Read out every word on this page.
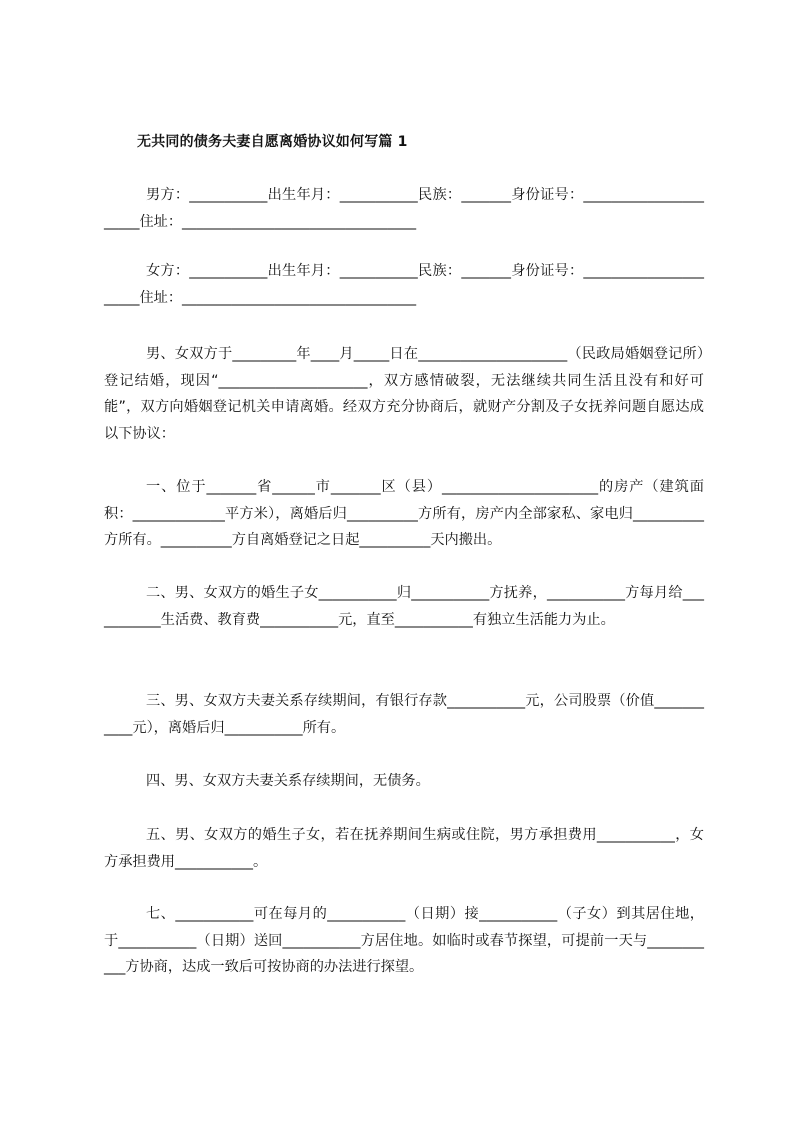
无共同的债务夫妻自愿离婚协议如何写篇 1
男方：___________出生年月：___________民族：_______身份证号：______________________住址：_________________________________
女方：___________出生年月：___________民族：_______身份证号：______________________住址：_________________________________
男、女双方于_________年____月_____日在_____________________（民政局婚姻登记所）登记结婚，现因“_____________________，双方感情破裂，无法继续共同生活且没有和好可能”，双方向婚姻登记机关申请离婚。经双方充分协商后，就财产分割及子女抚养问题自愿达成以下协议：
一、位于_______省______市_______区（县）______________________的房产（建筑面积：_____________平方米），离婚后归__________方所有，房产内全部家私、家电归__________方所有。__________方自离婚登记之日起__________天内搬出。
二、男、女双方的婚生子女___________归___________方抚养，___________方每月给___________生活费、教育费___________元，直至___________有独立生活能力为止。
三、男、女双方夫妻关系存续期间，有银行存款___________元，公司股票（价值___________元），离婚后归___________所有。
四、男、女双方夫妻关系存续期间，无债务。
五、男、女双方的婚生子女，若在抚养期间生病或住院，男方承担费用___________，女方承担费用___________。
七、___________可在每月的___________（日期）接___________（子女）到其居住地，于___________（日期）送回___________方居住地。如临时或春节探望，可提前一天与___________方协商，达成一致后可按协商的办法进行探望。
